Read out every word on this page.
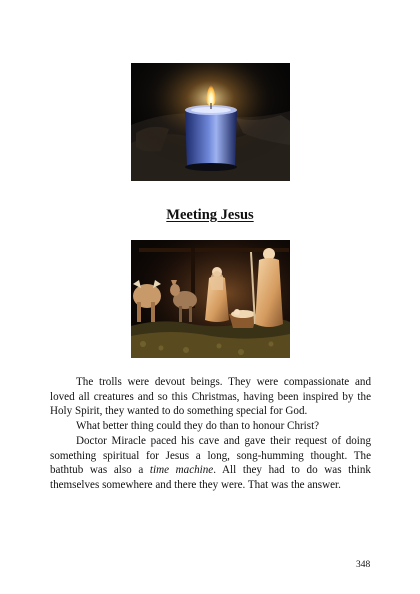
Meeting Jesus

The trolls were devout beings. They were compassionate and loved all creatures and so this Christmas, having been inspired by the Holy Spirit, they wanted to do something special for God.

What better thing could they do than to honour Christ?

Doctor Miracle paced his cave and gave their request of doing something spiritual for Jesus a long, song-humming thought. The bathtub was also a time machine. All they had to do was think themselves somewhere and there they were. That was the answer.

348
